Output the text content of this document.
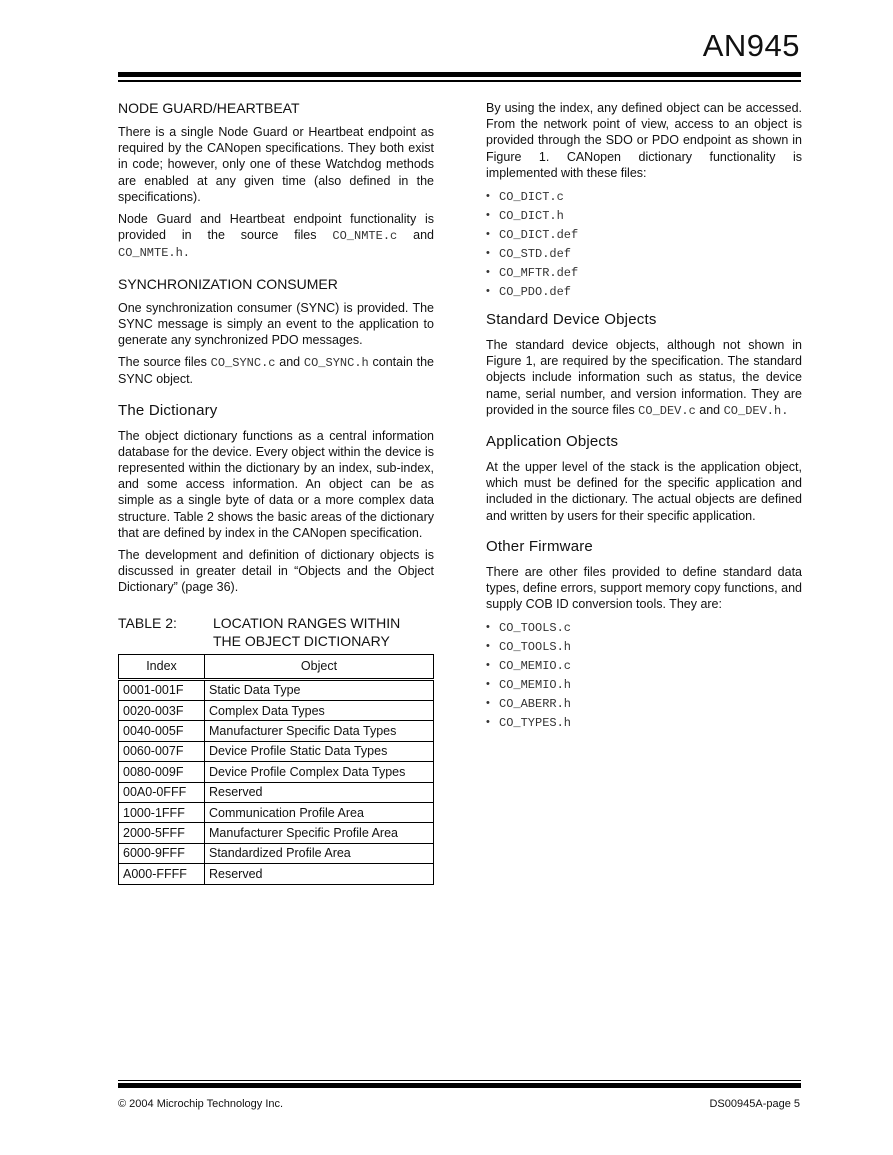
AN945
NODE GUARD/HEARTBEAT

There is a single Node Guard or Heartbeat endpoint as required by the CANopen specifications. They both exist in code; however, only one of these Watchdog methods are enabled at any given time (also defined in the specifications).

Node Guard and Heartbeat endpoint functionality is provided in the source files CO_NMTE.c and CO_NMTE.h.

SYNCHRONIZATION CONSUMER

One synchronization consumer (SYNC) is provided. The SYNC message is simply an event to the application to generate any synchronized PDO messages.

The source files CO_SYNC.c and CO_SYNC.h contain the SYNC object.

The Dictionary

The object dictionary functions as a central information database for the device. Every object within the device is represented within the dictionary by an index, sub-index, and some access information. An object can be as simple as a single byte of data or a more complex data structure. Table 2 shows the basic areas of the dictionary that are defined by index in the CANopen specification.

The development and definition of dictionary objects is discussed in greater detail in “Objects and the Object Dictionary” (page 36).

TABLE 2:	LOCATION RANGES WITHIN THE OBJECT DICTIONARY
Index	Object
0001-001F	Static Data Type
0020-003F	Complex Data Types
0040-005F	Manufacturer Specific Data Types
0060-007F	Device Profile Static Data Types
0080-009F	Device Profile Complex Data Types
00A0-0FFF	Reserved
1000-1FFF	Communication Profile Area
2000-5FFF	Manufacturer Specific Profile Area
6000-9FFF	Standardized Profile Area
A000-FFFF	Reserved

By using the index, any defined object can be accessed. From the network point of view, access to an object is provided through the SDO or PDO endpoint as shown in Figure 1. CANopen dictionary functionality is implemented with these files:

• CO_DICT.c
• CO_DICT.h
• CO_DICT.def
• CO_STD.def
• CO_MFTR.def
• CO_PDO.def
Standard Device Objects

The standard device objects, although not shown in Figure 1, are required by the specification. The standard objects include information such as status, the device name, serial number, and version information. They are provided in the source files CO_DEV.c and CO_DEV.h.

Application Objects

At the upper level of the stack is the application object, which must be defined for the specific application and included in the dictionary. The actual objects are defined and written by users for their specific application.

Other Firmware

There are other files provided to define standard data types, define errors, support memory copy functions, and supply COB ID conversion tools. They are:

• CO_TOOLS.c
• CO_TOOLS.h
• CO_MEMIO.c
• CO_MEMIO.h
• CO_ABERR.h
• CO_TYPES.h
© 2004 Microchip Technology Inc.	DS00945A-page 5
